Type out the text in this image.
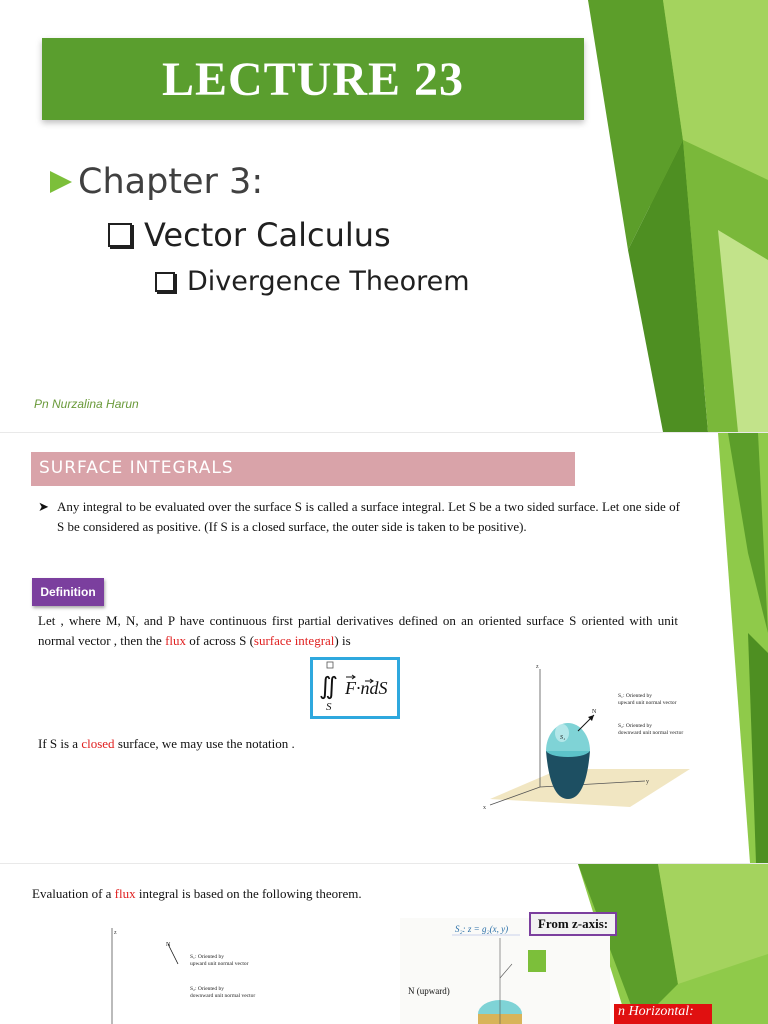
LECTURE 23
Chapter 3:
Vector Calculus
Divergence Theorem
Pn Nurzalina Harun
SURFACE INTEGRALS
➤ Any integral to be evaluated over the surface S is called a surface integral. Let S be a two sided surface. Let one side of S be considered as positive. (If S is a closed surface, the outer side is taken to be positive).
Definition
Let , where M, N, and P have continuous first partial derivatives defined on an oriented surface S oriented with unit normal vector , then the flux of across S (surface integral) is
∬
S
F·ndS
If S is a closed surface, we may use the notation .
z
y
x
N
S₁
S₁: Oriented by
upward unit normal vector
S₂: Oriented by
downward unit normal vector
Evaluation of a flux integral is based on the following theorem.
z
S₁: Oriented by
upward unit normal vector
S₂: Oriented by
downward unit normal vector
N
S₂: z = g₂(x, y)
N (upward)
From z-axis:
n Horizontal:
